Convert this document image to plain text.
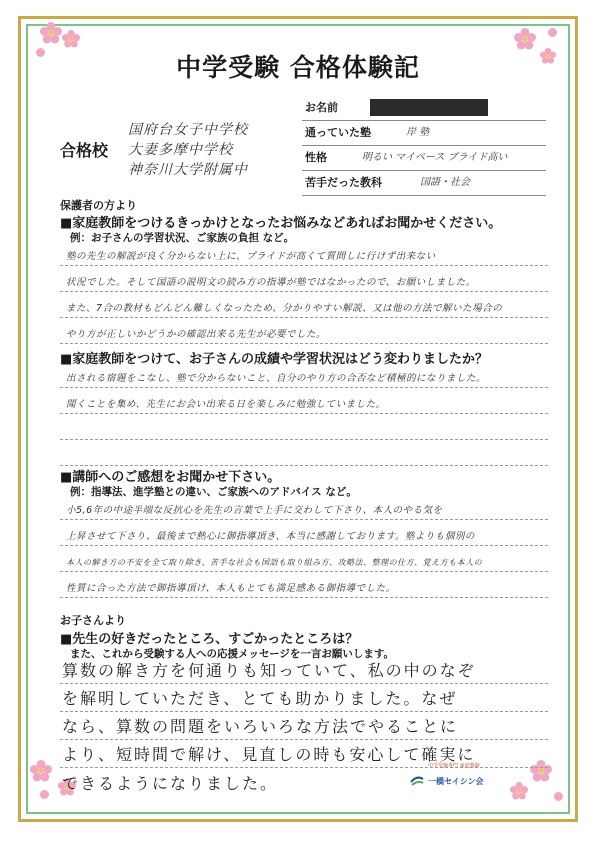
中学受験 合格体験記
合格校
国府台女子中学校
大妻多摩中学校
神奈川大学附属中
お名前
通っていた塾	岸 塾
性格	明るい マイペース プライド高い
苦手だった教科	国語・社会
保護者の方より
■家庭教師をつけるきっかけとなったお悩みなどあればお聞かせください。
例：お子さんの学習状況、ご家族の負担 など。
塾の先生の解説が良く分からない上に、プライドが高くて質問しに行けず出来ない
状況でした。そして国語の説明文の読み方の指導が塾ではなかったので、お願いしました。
また、7合の教材もどんどん難しくなったため、分かりやすい解説、又は他の方法で解いた場合の
やり方が正しいかどうかの確認出来る先生が必要でした。
■家庭教師をつけて、お子さんの成績や学習状況はどう変わりましたか？
出される宿題をこなし、塾で分からないこと、自分のやり方の合否など積極的になりました。
聞くことを集め、先生にお会い出来る日を楽しみに勉強していました。
■講師へのご感想をお聞かせ下さい。
例：指導法、進学塾との違い、ご家族へのアドバイス など。
小5,6年の中途半端な反抗心を先生の言葉で上手に交わして下さり、本人のやる気を
上昇させて下さり、最後まで熱心に御指導頂き、本当に感謝しております。塾よりも個別の
本人の解き方の不安を全て取り除き、苦手な社会も国語も取り組み方、攻略法、整理の仕方、覚え方も本人の
性質に合った方法で御指導頂け、本人もとても満足感ある御指導でした。
お子さんより
■先生の好きだったところ、すごかったところは？
また、これから受験する人への応援メッセージを一言お願いします。
算数の解き方を何通りも知っていて、私の中のなぞ
を解明していただき、とても助かりました。なぜ
なら、算数の問題をいろいろな方法でやることに
より、短時間で解け、見直しの時も安心して確実に
できるようになりました。
中学受験専門 家庭教師
一橋セイシン会
